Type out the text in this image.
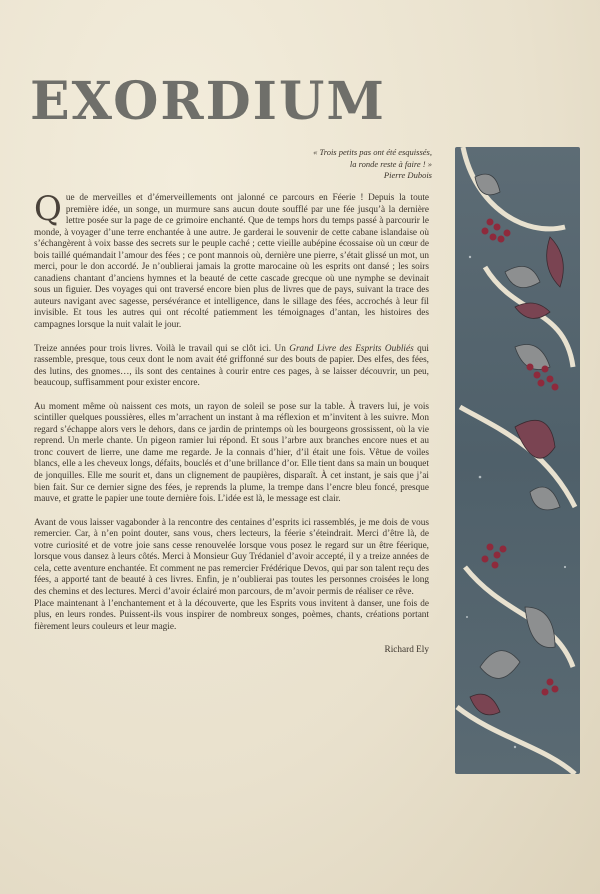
EXORDIUM
« Trois petits pas ont été esquissés,
la ronde reste à faire ! »
Pierre Dubois

Que de merveilles et d’émerveillements ont jalonné ce parcours en Féerie ! Depuis la toute première idée, un songe, un murmure sans aucun doute soufflé par une fée jusqu’à la dernière lettre posée sur la page de ce grimoire enchanté. Que de temps hors du temps passé à parcourir le monde, à voyager d’une terre enchantée à une autre. Je garderai le souvenir de cette cabane islandaise où s’échangèrent à voix basse des secrets sur le peuple caché ; cette vieille aubépine écossaise où un cœur de bois taillé quémandait l’amour des fées ; ce pont mannois où, dernière une pierre, s’était glissé un mot, un merci, pour le don accordé. Je n’oublierai jamais la grotte marocaine où les esprits ont dansé ; les soirs canadiens chantant d’anciens hymnes et la beauté de cette cascade grecque où une nymphe se devinait sous un figuier. Des voyages qui ont traversé encore bien plus de livres que de pays, suivant la trace des auteurs navigant avec sagesse, persévérance et intelligence, dans le sillage des fées, accrochés à leur fil invisible. Et tous les autres qui ont récolté patiemment les témoignages d’antan, les histoires des campagnes lorsque la nuit valait le jour.

Treize années pour trois livres. Voilà le travail qui se clôt ici. Un Grand Livre des Esprits Oubliés qui rassemble, presque, tous ceux dont le nom avait été griffonné sur des bouts de papier. Des elfes, des fées, des lutins, des gnomes…, ils sont des centaines à courir entre ces pages, à se laisser découvrir, un peu, beaucoup, suffisamment pour exister encore.

Au moment même où naissent ces mots, un rayon de soleil se pose sur la table. À travers lui, je vois scintiller quelques poussières, elles m’arrachent un instant à ma réflexion et m’invitent à les suivre. Mon regard s’échappe alors vers le dehors, dans ce jardin de printemps où les bourgeons grossissent, où la vie reprend. Un merle chante. Un pigeon ramier lui répond. Et sous l’arbre aux branches encore nues et au tronc couvert de lierre, une dame me regarde. Je la connais d’hier, d’il était une fois. Vêtue de voiles blancs, elle a les cheveux longs, défaits, bouclés et d’une brillance d’or. Elle tient dans sa main un bouquet de jonquilles. Elle me sourit et, dans un clignement de paupières, disparaît. À cet instant, je sais que j’ai bien fait. Sur ce dernier signe des fées, je reprends la plume, la trempe dans l’encre bleu foncé, presque mauve, et gratte le papier une toute dernière fois. L’idée est là, le message est clair.

Avant de vous laisser vagabonder à la rencontre des centaines d’esprits ici rassemblés, je me dois de vous remercier. Car, à n’en point douter, sans vous, chers lecteurs, la féerie s’éteindrait. Merci d’être là, de votre curiosité et de votre joie sans cesse renouvelée lorsque vous posez le regard sur un être féerique, lorsque vous dansez à leurs côtés. Merci à Monsieur Guy Trédaniel d’avoir accepté, il y a treize années de cela, cette aventure enchantée. Et comment ne pas remercier Frédérique Devos, qui par son talent reçu des fées, a apporté tant de beauté à ces livres. Enfin, je n’oublierai pas toutes les personnes croisées le long des chemins et des lectures. Merci d’avoir éclairé mon parcours, de m’avoir permis de réaliser ce rêve.

Place maintenant à l’enchantement et à la découverte, que les Esprits vous invitent à danser, une fois de plus, en leurs rondes. Puissent-ils vous inspirer de nombreux songes, poèmes, chants, créations portant fièrement leurs couleurs et leur magie.

Richard Ely
